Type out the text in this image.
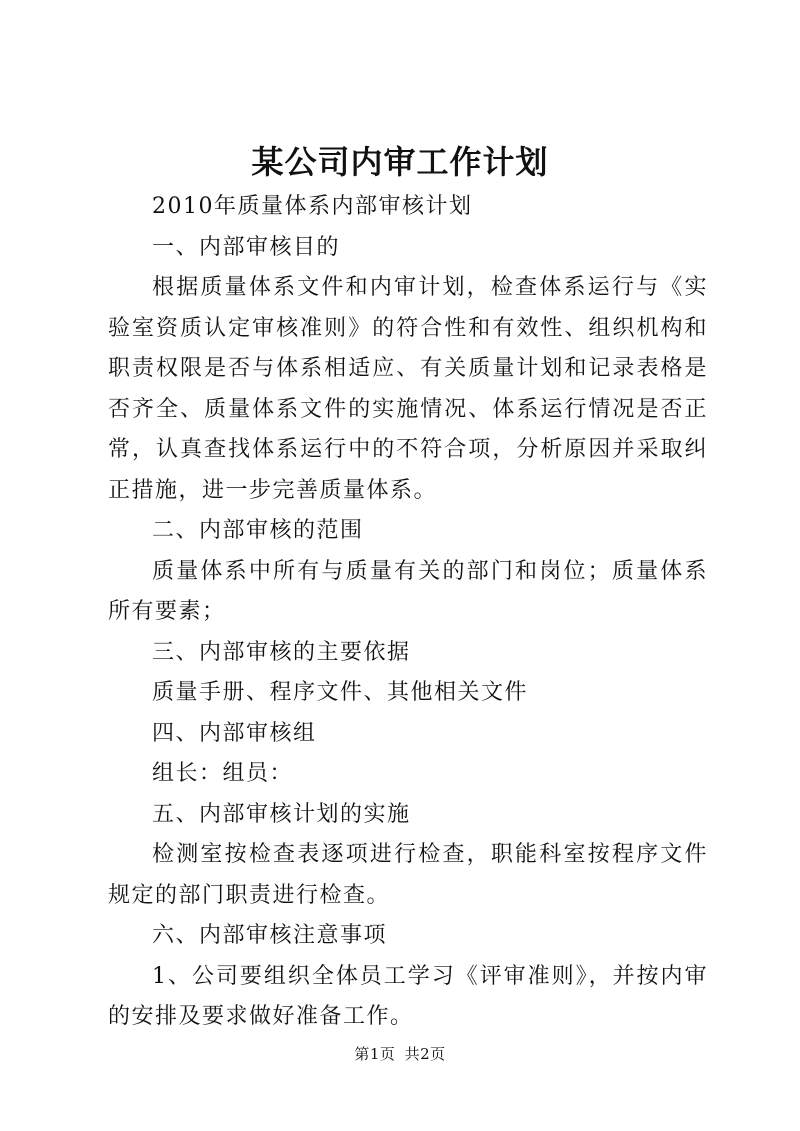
某公司内审工作计划

2010年质量体系内部审核计划

一、内部审核目的

根据质量体系文件和内审计划，检查体系运行与《实验室资质认定审核准则》的符合性和有效性、组织机构和职责权限是否与体系相适应、有关质量计划和记录表格是否齐全、质量体系文件的实施情况、体系运行情况是否正常，认真查找体系运行中的不符合项，分析原因并采取纠正措施，进一步完善质量体系。

二、内部审核的范围

质量体系中所有与质量有关的部门和岗位；质量体系所有要素；

三、内部审核的主要依据

质量手册、程序文件、其他相关文件

四、内部审核组

组长：组员：

五、内部审核计划的实施

检测室按检查表逐项进行检查，职能科室按程序文件规定的部门职责进行检查。

六、内部审核注意事项

1、公司要组织全体员工学习《评审准则》，并按内审的安排及要求做好准备工作。

第1页 共2页
